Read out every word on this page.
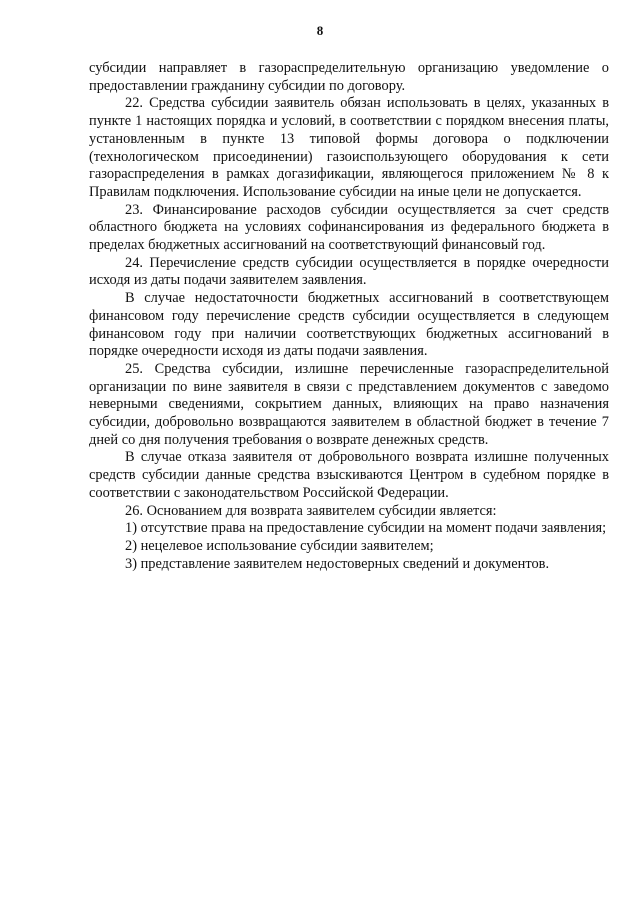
8

субсидии направляет в газораспределительную организацию уведомление о предоставлении гражданину субсидии по договору.

22. Средства субсидии заявитель обязан использовать в целях, указанных в пункте 1 настоящих порядка и условий, в соответствии с порядком внесения платы, установленным в пункте 13 типовой формы договора о подключении (технологическом присоединении) газоиспользующего оборудования к сети газораспределения в рамках догазификации, являющегося приложением № 8 к Правилам подключения. Использование субсидии на иные цели не допускается.

23. Финансирование расходов субсидии осуществляется за счет средств областного бюджета на условиях софинансирования из федерального бюджета в пределах бюджетных ассигнований на соответствующий финансовый год.

24. Перечисление средств субсидии осуществляется в порядке очередности исходя из даты подачи заявителем заявления.

В случае недостаточности бюджетных ассигнований в соответствующем финансовом году перечисление средств субсидии осуществляется в следующем финансовом году при наличии соответствующих бюджетных ассигнований в порядке очередности исходя из даты подачи заявления.

25. Средства субсидии, излишне перечисленные газораспределительной организации по вине заявителя в связи с представлением документов с заведомо неверными сведениями, сокрытием данных, влияющих на право назначения субсидии, добровольно возвращаются заявителем в областной бюджет в течение 7 дней со дня получения требования о возврате денежных средств.

В случае отказа заявителя от добровольного возврата излишне полученных средств субсидии данные средства взыскиваются Центром в судебном порядке в соответствии с законодательством Российской Федерации.

26. Основанием для возврата заявителем субсидии является:

1) отсутствие права на предоставление субсидии на момент подачи заявления;

2) нецелевое использование субсидии заявителем;

3) представление заявителем недостоверных сведений и документов.
